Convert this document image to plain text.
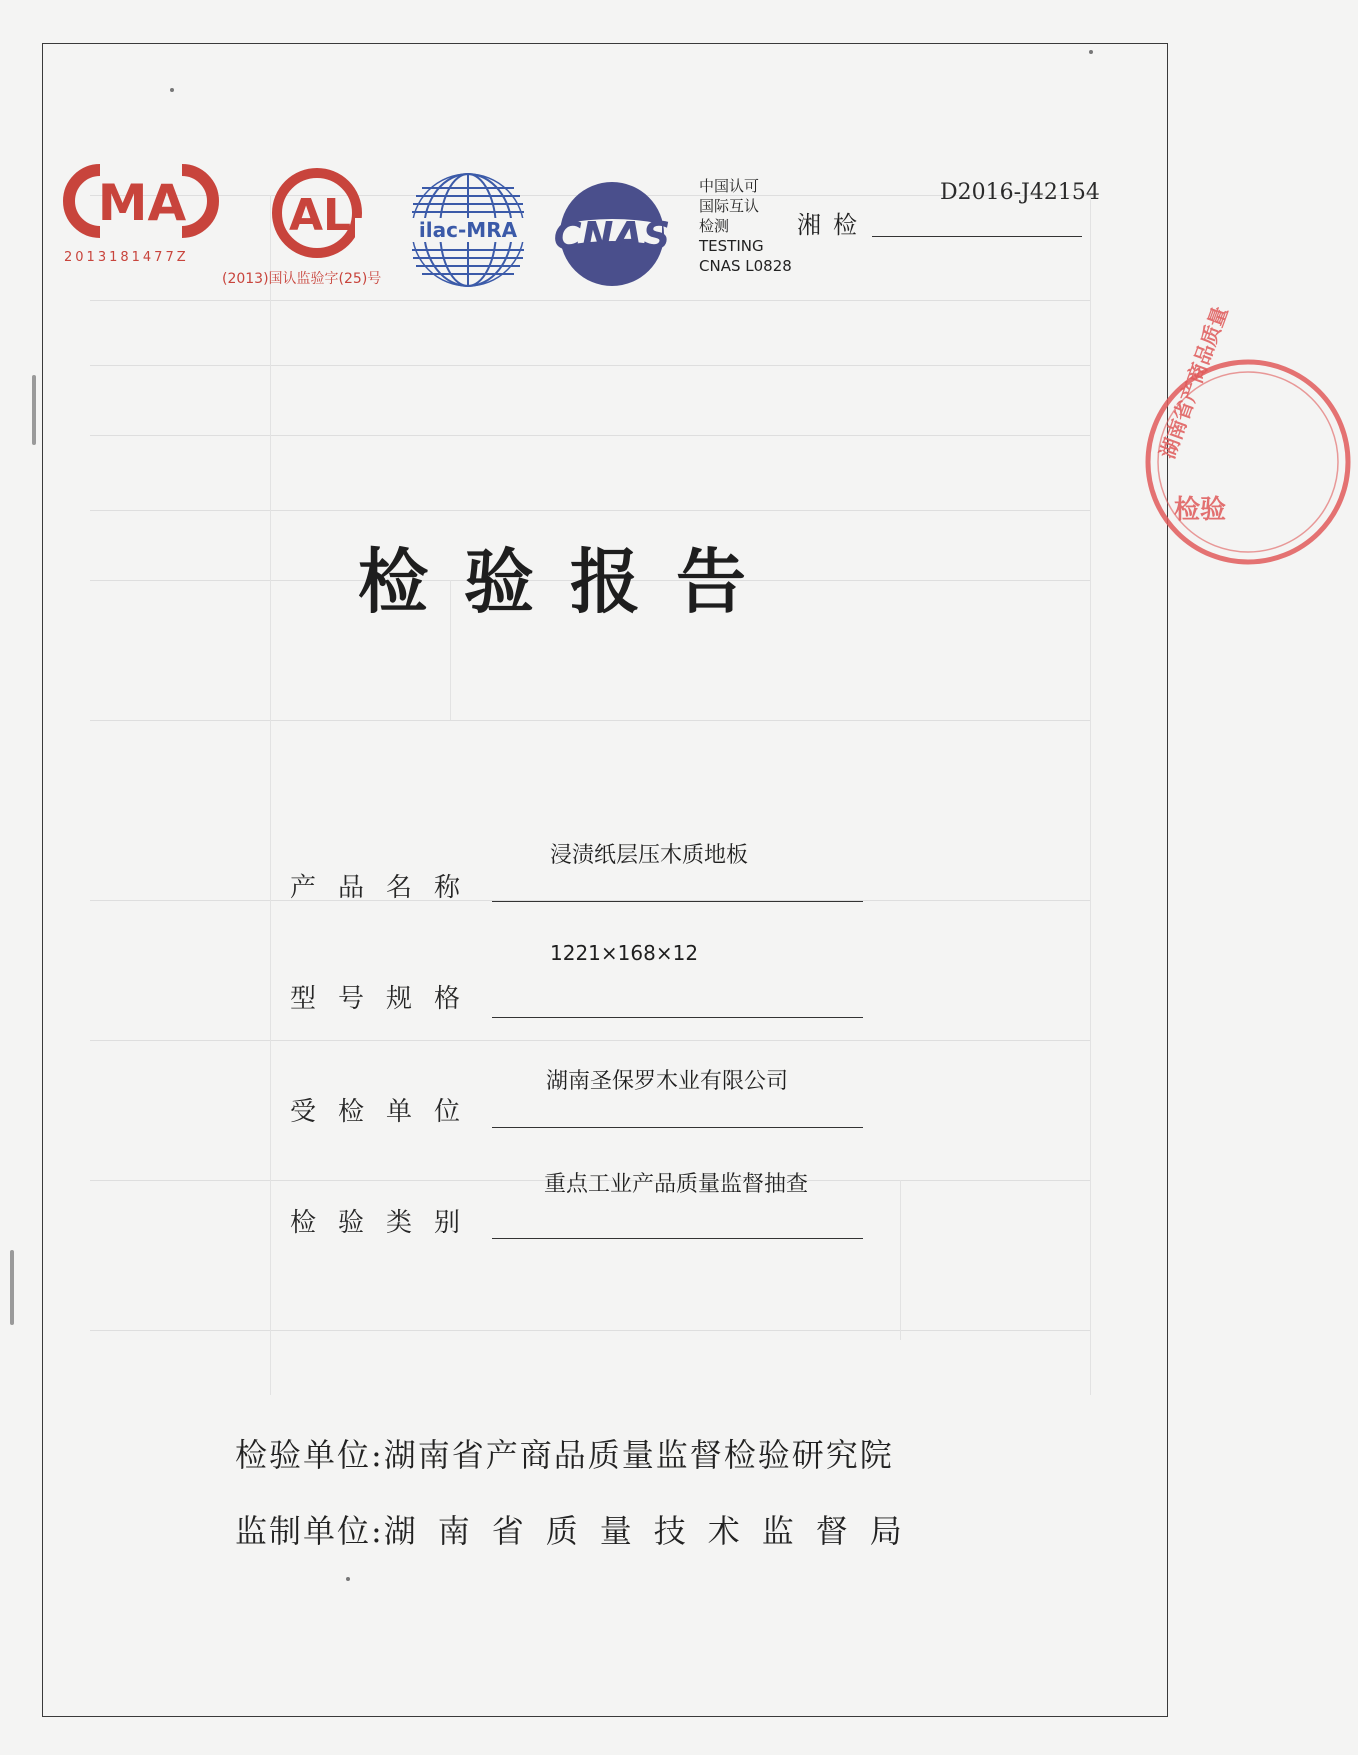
MA
2013181477Z
AL
(2013)国认监验字(25)号
ilac-MRA CNAS
中国认可
国际互认
检测
TESTING
CNAS L0828
D2016-J42154
湘检
湖南省产商品质量
检验
检验报告
浸渍纸层压木质地板
产品名称
1221×168×12
型号规格
湖南圣保罗木业有限公司
受检单位
重点工业产品质量监督抽查
检验类别
检验单位:湖南省产商品质量监督检验研究院
监制单位:湖南省质量技术监督局
